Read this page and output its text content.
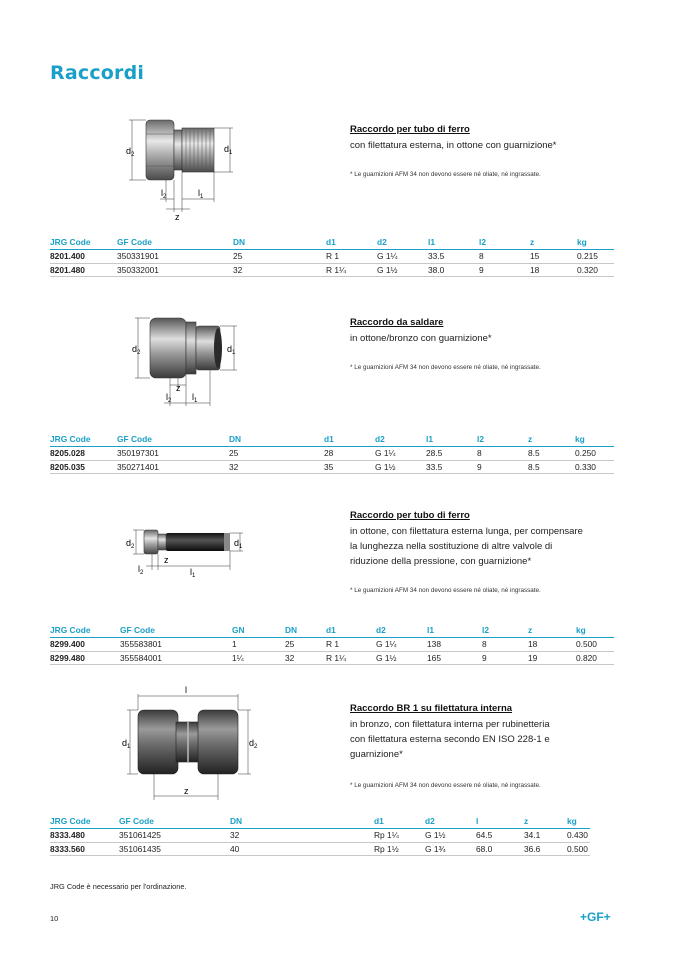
Raccordi
Raccordo per tubo di ferro
con filettatura esterna, in ottone con guarnizione*
* Le guarnizioni AFM 34 non devono essere né oliate, né ingrassate.
$d_2$
$d_1$
$l_2$	$l_1$
z
JRG Code	GF Code	DN	d1	d2	l1	l2	z	kg
8201.400	350331901	25	R 1	G 1¼	33.5	8	15	0.215
8201.480	350332001	32	R 1¼	G 1½	38.0	9	18	0.320
Raccordo da saldare
in ottone/bronzo con guarnizione*
* Le guarnizioni AFM 34 non devono essere né oliate, né ingrassate.
$d_2$	$d_1$
$l_2$ $l_1$
z
JRG Code	GF Code	DN	d1	d2	l1	l2	z	kg
8205.028	350197301	25	28	G 1¼	28.5	8	8.5	0.250
8205.035	350271401	32	35	G 1½	33.5	9	8.5	0.330
Raccordo per tubo di ferro
in ottone, con filettatura esterna lunga, per compensare
la lunghezza nella sostituzione di altre valvole di
riduzione della pressione, con guarnizione*
* Le guarnizioni AFM 34 non devono essere né oliate, né ingrassate.
$d_2$	$d_1$
$l_2$	$l_1$
z
JRG Code	GF Code	GN	DN	d1	d2	l1	l2	z	kg
8299.400	355583801	1	25	R 1	G 1¼	138	8	18	0.500
8299.480	355584001	1¼	32	R 1¼	G 1½	165	9	19	0.820
Raccordo BR 1 su filettatura interna
in bronzo, con filettatura interna per rubinetteria
con filettatura esterna secondo EN ISO 228-1 e
guarnizione*
* Le guarnizioni AFM 34 non devono essere né oliate, né ingrassate.
l
$d_1$	$d_2$
z
JRG Code	GF Code	DN	d1	d2	l	z	kg
8333.480	351061425	32	Rp 1¼	G 1½	64.5	34.1	0.430
8333.560	351061435	40	Rp 1½	G 1¾	68.0	36.6	0.500
JRG Code è necessario per l'ordinazione.
10	+GF+
